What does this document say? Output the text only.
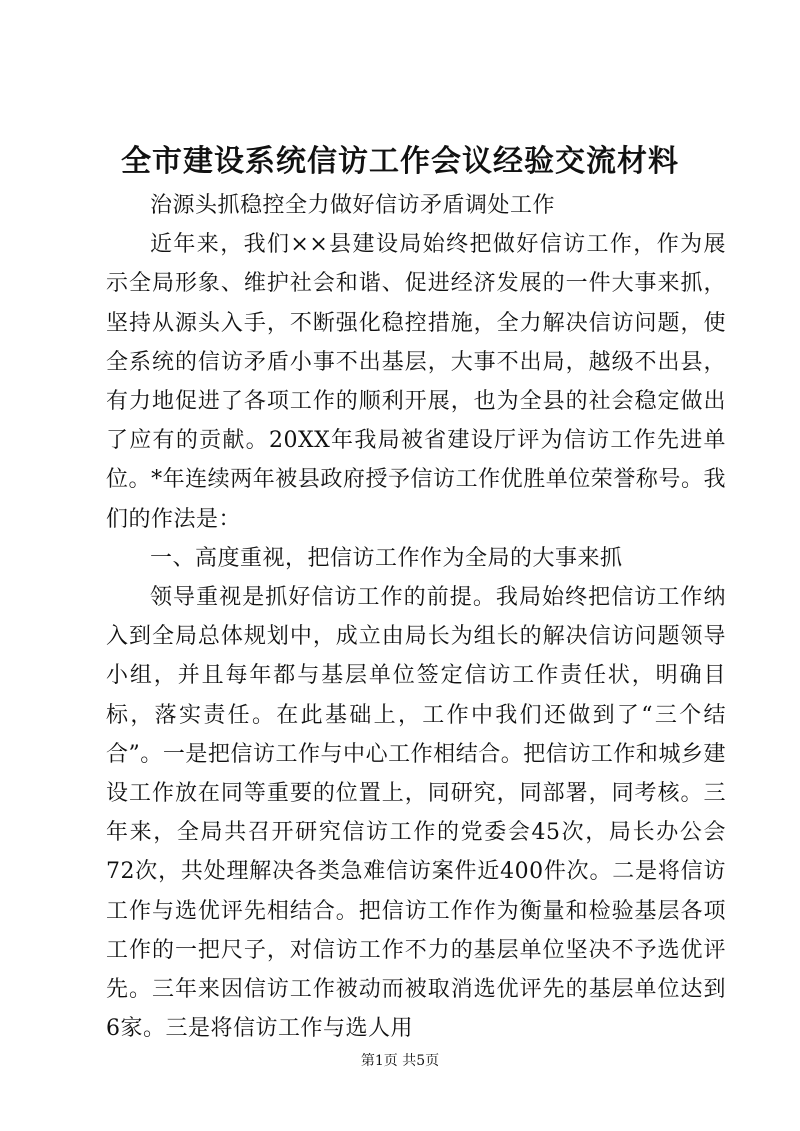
全市建设系统信访工作会议经验交流材料

治源头抓稳控全力做好信访矛盾调处工作

近年来，我们××县建设局始终把做好信访工作，作为展示全局形象、维护社会和谐、促进经济发展的一件大事来抓，坚持从源头入手，不断强化稳控措施，全力解决信访问题，使全系统的信访矛盾小事不出基层，大事不出局，越级不出县，有力地促进了各项工作的顺利开展，也为全县的社会稳定做出了应有的贡献。20XX年我局被省建设厅评为信访工作先进单位。*年连续两年被县政府授予信访工作优胜单位荣誉称号。我们的作法是：

一、高度重视，把信访工作作为全局的大事来抓

领导重视是抓好信访工作的前提。我局始终把信访工作纳入到全局总体规划中，成立由局长为组长的解决信访问题领导小组，并且每年都与基层单位签定信访工作责任状，明确目标，落实责任。在此基础上，工作中我们还做到了“三个结合”。一是把信访工作与中心工作相结合。把信访工作和城乡建设工作放在同等重要的位置上，同研究，同部署，同考核。三年来，全局共召开研究信访工作的党委会45次，局长办公会72次，共处理解决各类急难信访案件近400件次。二是将信访工作与选优评先相结合。把信访工作作为衡量和检验基层各项工作的一把尺子，对信访工作不力的基层单位坚决不予选优评先。三年来因信访工作被动而被取消选优评先的基层单位达到6家。三是将信访工作与选人用

第1页 共5页
